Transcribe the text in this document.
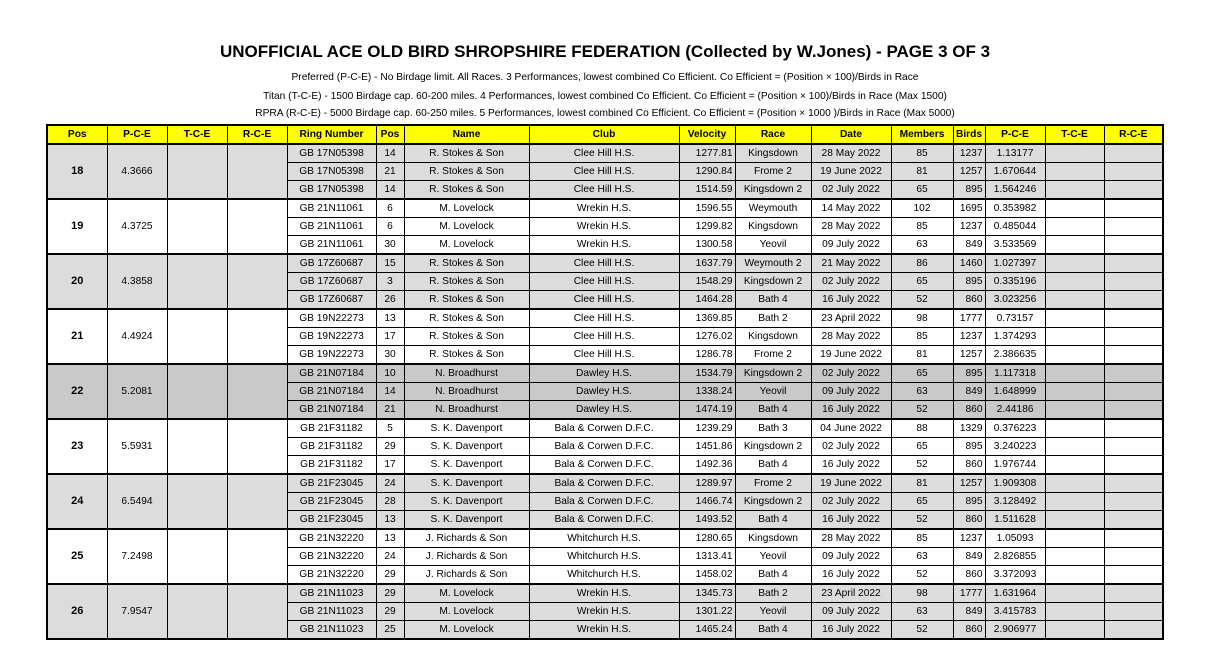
UNOFFICIAL ACE OLD BIRD SHROPSHIRE FEDERATION (Collected by W.Jones) - PAGE 3 OF 3
Preferred (P-C-E) - No Birdage limit. All Races. 3 Performances, lowest combined Co Efficient. Co Efficient = (Position × 100)/Birds in Race
Titan (T-C-E) - 1500 Birdage cap. 60-200 miles. 4 Performances, lowest combined Co Efficient. Co Efficient = (Position × 100)/Birds in Race (Max 1500)
RPRA (R-C-E) - 5000 Birdage cap. 60-250 miles. 5 Performances, lowest combined Co Efficient. Co Efficient = (Position × 1000 )/Birds in Race (Max 5000)
Pos	P-C-E	T-C-E	R-C-E	Ring Number	Pos	Name	Club	Velocity	Race	Date	Members	Birds	P-C-E	T-C-E	R-C-E
18	4.3666			GB 17N05398	14	R. Stokes & Son	Clee Hill H.S.	1277.81	Kingsdown	28 May 2022	85	1237	1.13177		
				GB 17N05398	21	R. Stokes & Son	Clee Hill H.S.	1290.84	Frome 2	19 June 2022	81	1257	1.670644		
				GB 17N05398	14	R. Stokes & Son	Clee Hill H.S.	1514.59	Kingsdown 2	02 July 2022	65	895	1.564246		
19	4.3725			GB 21N11061	6	M. Lovelock	Wrekin H.S.	1596.55	Weymouth	14 May 2022	102	1695	0.353982		
				GB 21N11061	6	M. Lovelock	Wrekin H.S.	1299.82	Kingsdown	28 May 2022	85	1237	0.485044		
				GB 21N11061	30	M. Lovelock	Wrekin H.S.	1300.58	Yeovil	09 July 2022	63	849	3.533569		
20	4.3858			GB 17Z60687	15	R. Stokes & Son	Clee Hill H.S.	1637.79	Weymouth 2	21 May 2022	86	1460	1.027397		
				GB 17Z60687	3	R. Stokes & Son	Clee Hill H.S.	1548.29	Kingsdown 2	02 July 2022	65	895	0.335196		
				GB 17Z60687	26	R. Stokes & Son	Clee Hill H.S.	1464.28	Bath 4	16 July 2022	52	860	3.023256		
21	4.4924			GB 19N22273	13	R. Stokes & Son	Clee Hill H.S.	1369.85	Bath 2	23 April 2022	98	1777	0.73157		
				GB 19N22273	17	R. Stokes & Son	Clee Hill H.S.	1276.02	Kingsdown	28 May 2022	85	1237	1.374293		
				GB 19N22273	30	R. Stokes & Son	Clee Hill H.S.	1286.78	Frome 2	19 June 2022	81	1257	2.386635		
22	5.2081			GB 21N07184	10	N. Broadhurst	Dawley H.S.	1534.79	Kingsdown 2	02 July 2022	65	895	1.117318		
				GB 21N07184	14	N. Broadhurst	Dawley H.S.	1338.24	Yeovil	09 July 2022	63	849	1.648999		
				GB 21N07184	21	N. Broadhurst	Dawley H.S.	1474.19	Bath 4	16 July 2022	52	860	2.44186		
23	5.5931			GB 21F31182	5	S. K. Davenport	Bala & Corwen D.F.C.	1239.29	Bath 3	04 June 2022	88	1329	0.376223		
				GB 21F31182	29	S. K. Davenport	Bala & Corwen D.F.C.	1451.86	Kingsdown 2	02 July 2022	65	895	3.240223		
				GB 21F31182	17	S. K. Davenport	Bala & Corwen D.F.C.	1492.36	Bath 4	16 July 2022	52	860	1.976744		
24	6.5494			GB 21F23045	24	S. K. Davenport	Bala & Corwen D.F.C.	1289.97	Frome 2	19 June 2022	81	1257	1.909308		
				GB 21F23045	28	S. K. Davenport	Bala & Corwen D.F.C.	1466.74	Kingsdown 2	02 July 2022	65	895	3.128492		
				GB 21F23045	13	S. K. Davenport	Bala & Corwen D.F.C.	1493.52	Bath 4	16 July 2022	52	860	1.511628		
25	7.2498			GB 21N32220	13	J. Richards & Son	Whitchurch H.S.	1280.65	Kingsdown	28 May 2022	85	1237	1.05093		
				GB 21N32220	24	J. Richards & Son	Whitchurch H.S.	1313.41	Yeovil	09 July 2022	63	849	2.826855		
				GB 21N32220	29	J. Richards & Son	Whitchurch H.S.	1458.02	Bath 4	16 July 2022	52	860	3.372093		
26	7.9547			GB 21N11023	29	M. Lovelock	Wrekin H.S.	1345.73	Bath 2	23 April 2022	98	1777	1.631964		
				GB 21N11023	29	M. Lovelock	Wrekin H.S.	1301.22	Yeovil	09 July 2022	63	849	3.415783		
				GB 21N11023	25	M. Lovelock	Wrekin H.S.	1465.24	Bath 4	16 July 2022	52	860	2.906977		
